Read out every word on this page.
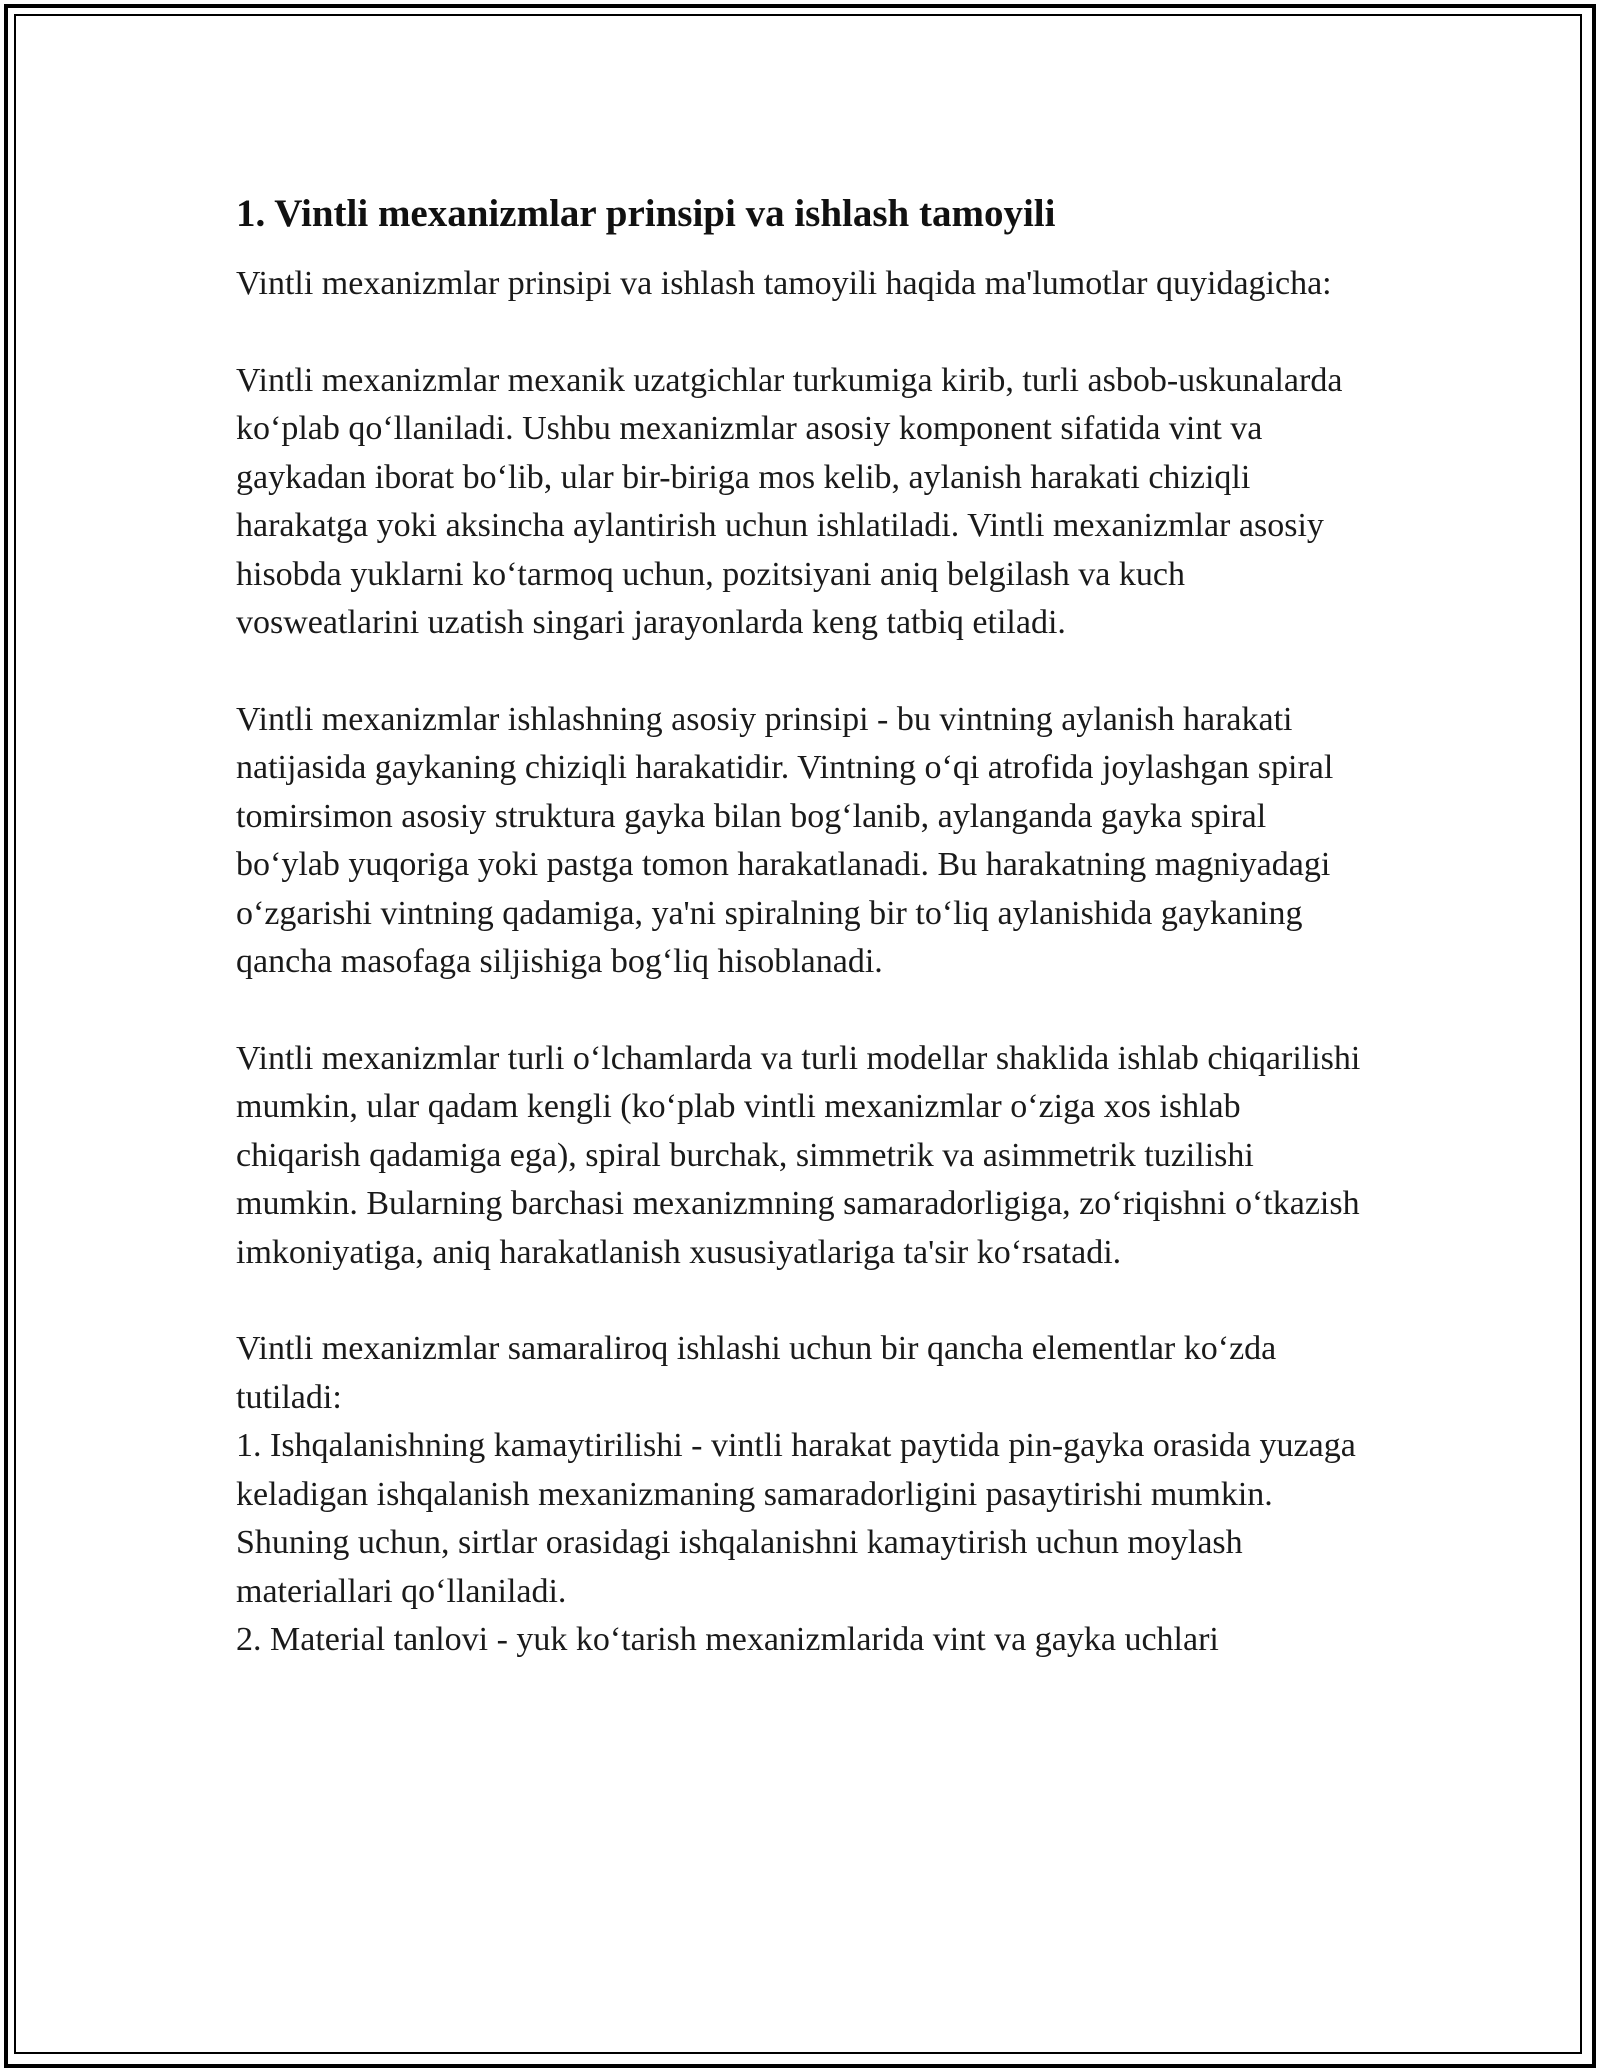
1. Vintli mexanizmlar prinsipi va ishlash tamoyili

Vintli mexanizmlar prinsipi va ishlash tamoyili haqida ma'lumotlar quyidagicha:

Vintli mexanizmlar mexanik uzatgichlar turkumiga kirib, turli asbob-uskunalarda ko‘plab qo‘llaniladi. Ushbu mexanizmlar asosiy komponent sifatida vint va gaykadan iborat bo‘lib, ular bir-biriga mos kelib, aylanish harakati chiziqli harakatga yoki aksincha aylantirish uchun ishlatiladi. Vintli mexanizmlar asosiy hisobda yuklarni ko‘tarmoq uchun, pozitsiyani aniq belgilash va kuch vosweatlarini uzatish singari jarayonlarda keng tatbiq etiladi.

Vintli mexanizmlar ishlashning asosiy prinsipi - bu vintning aylanish harakati natijasida gaykaning chiziqli harakatidir. Vintning o‘qi atrofida joylashgan spiral tomirsimon asosiy struktura gayka bilan bog‘lanib, aylanganda gayka spiral bo‘ylab yuqoriga yoki pastga tomon harakatlanadi. Bu harakatning magniyadagi o‘zgarishi vintning qadamiga, ya'ni spiralning bir to‘liq aylanishida gaykaning qancha masofaga siljishiga bog‘liq hisoblanadi.

Vintli mexanizmlar turli o‘lchamlarda va turli modellar shaklida ishlab chiqarilishi mumkin, ular qadam kengli (ko‘plab vintli mexanizmlar o‘ziga xos ishlab chiqarish qadamiga ega), spiral burchak, simmetrik va asimmetrik tuzilishi mumkin. Bularning barchasi mexanizmning samaradorligiga, zo‘riqishni o‘tkazish imkoniyatiga, aniq harakatlanish xususiyatlariga ta'sir ko‘rsatadi.

Vintli mexanizmlar samaraliroq ishlashi uchun bir qancha elementlar ko‘zda tutiladi:

1. Ishqalanishning kamaytirilishi - vintli harakat paytida pin-gayka orasida yuzaga keladigan ishqalanish mexanizmaning samaradorligini pasaytirishi mumkin. Shuning uchun, sirtlar orasidagi ishqalanishni kamaytirish uchun moylash materiallari qo‘llaniladi.

2. Material tanlovi - yuk ko‘tarish mexanizmlarida vint va gayka uchlari
